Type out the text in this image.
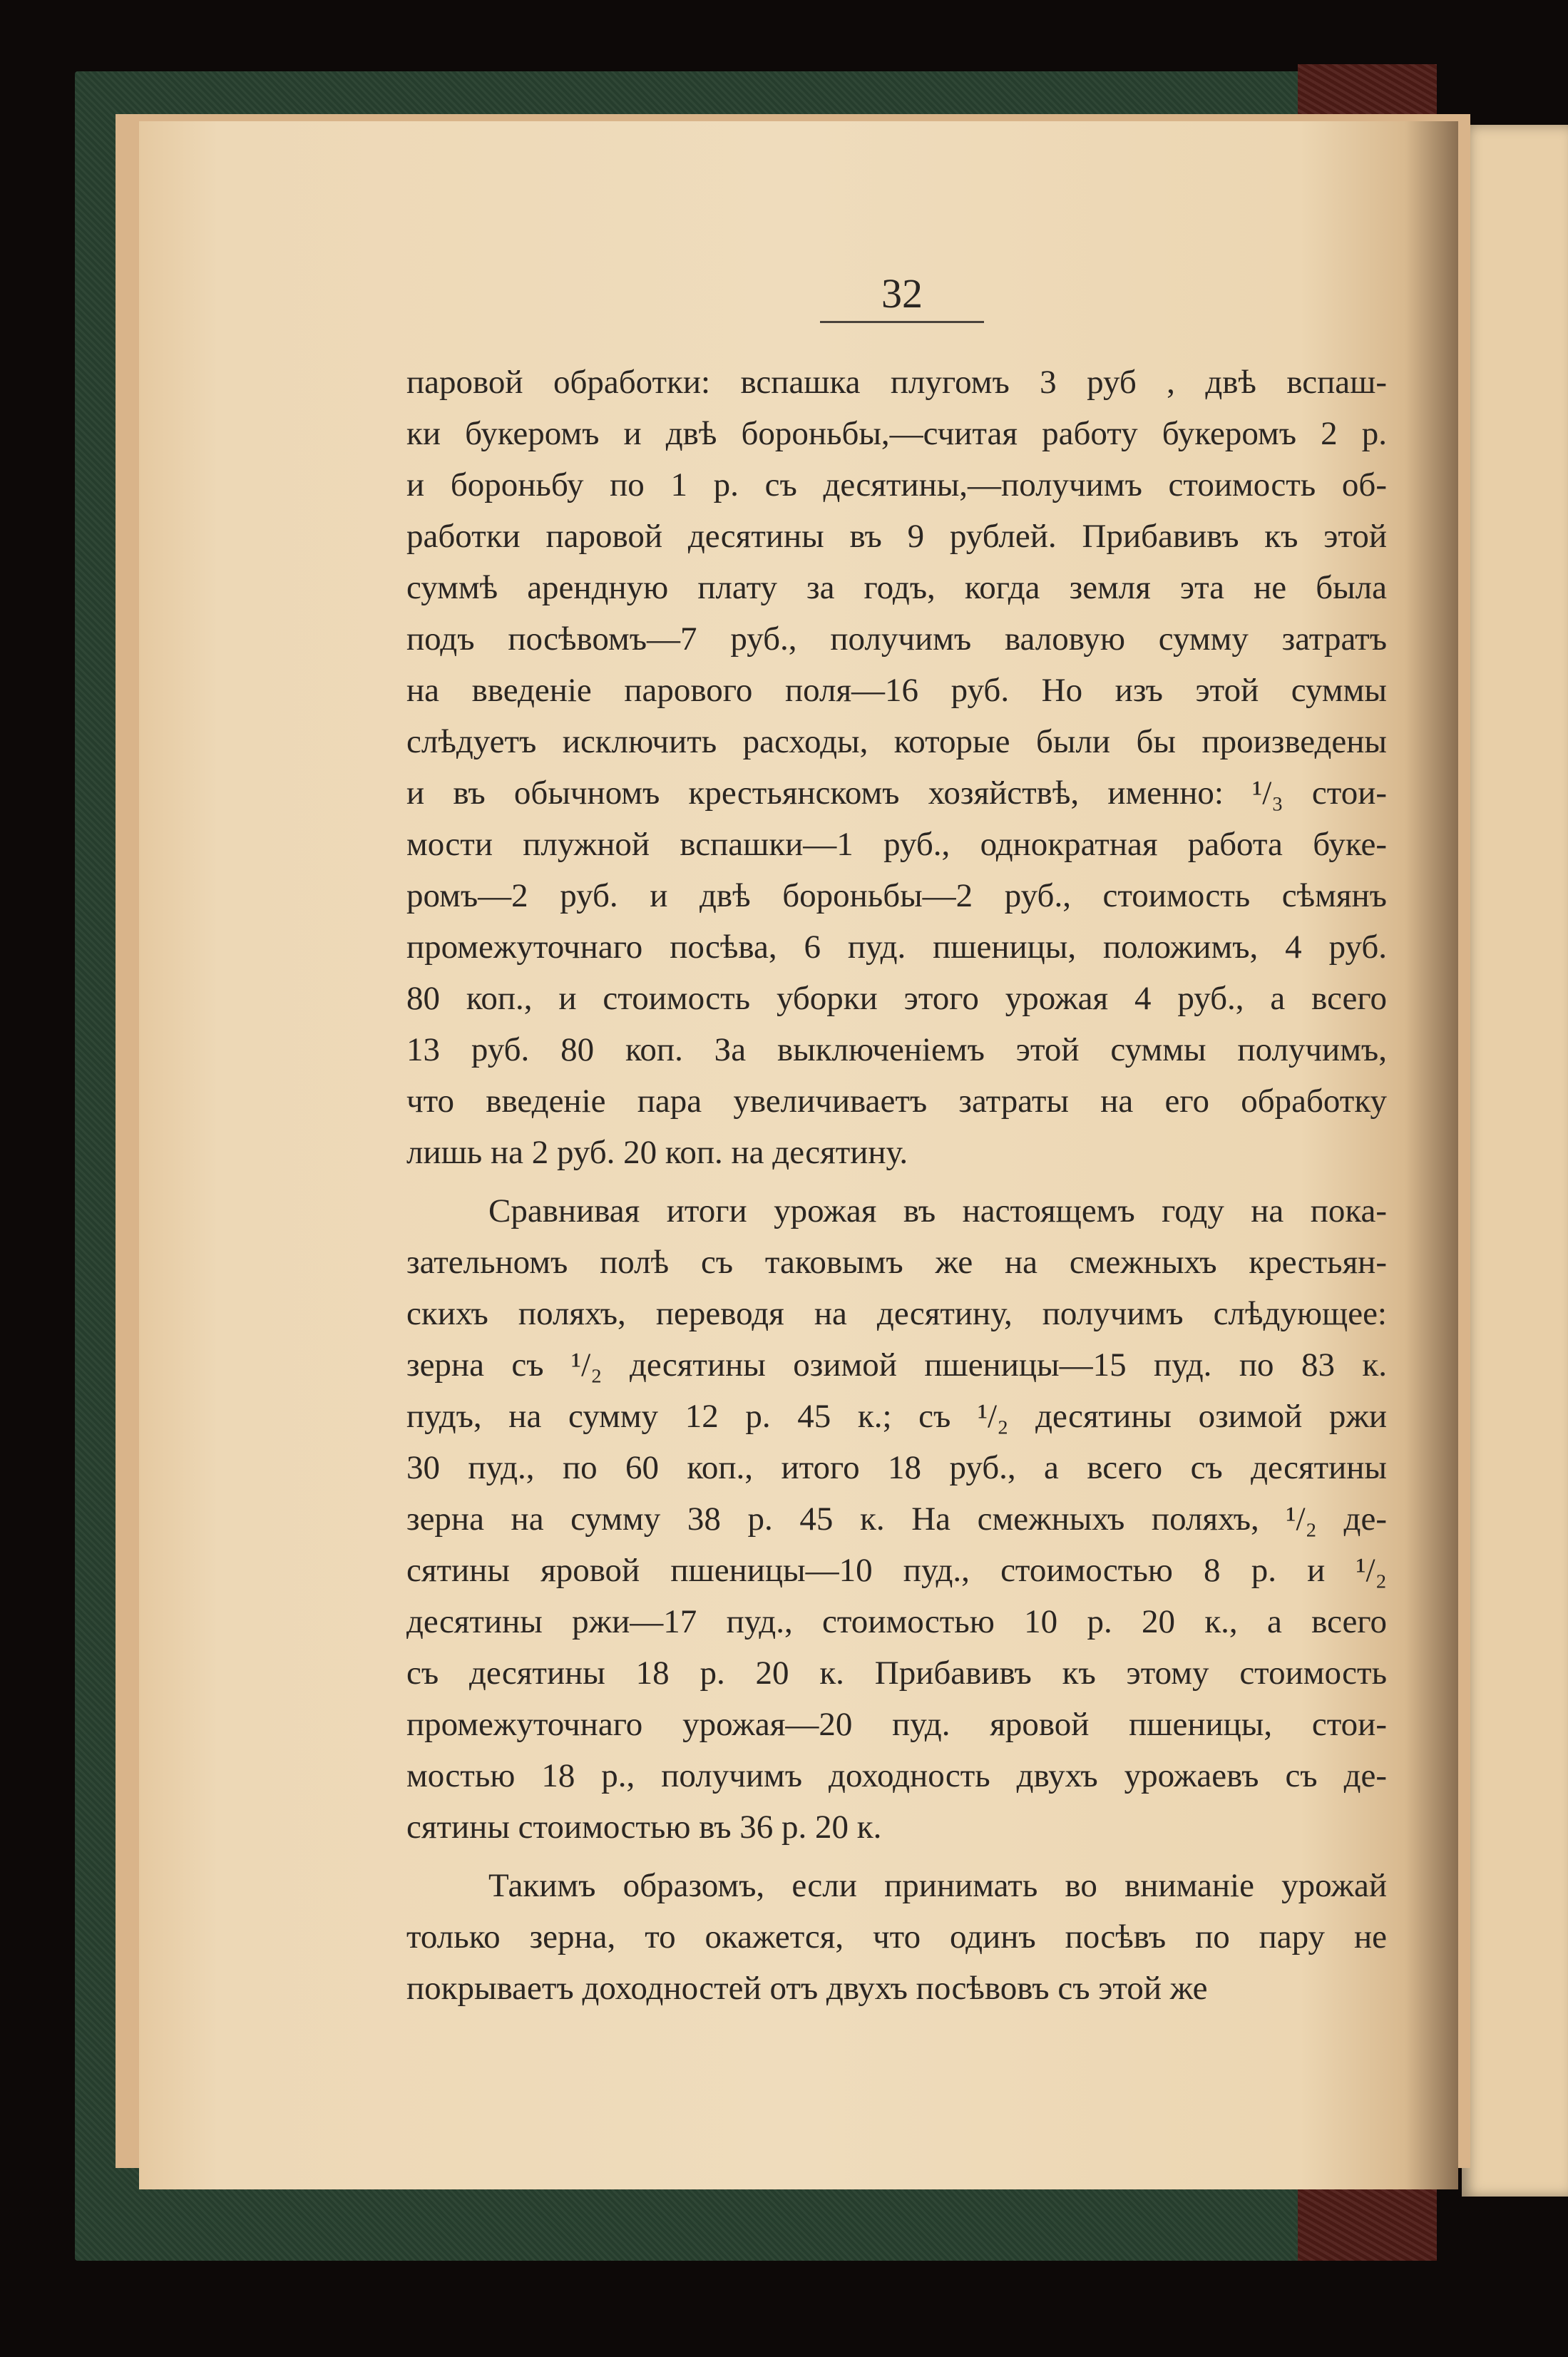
32
паровой обработки: вспашка плугомъ 3 руб , двѣ вспаш-
ки букеромъ и двѣ бороньбы,—считая работу букеромъ 2 р.
и бороньбу по 1 р. съ десятины,—получимъ стоимость об-
работки паровой десятины въ 9 рублей. Прибавивъ къ этой
суммѣ арендную плату за годъ, когда земля эта не была
подъ посѣвомъ—7 руб., получимъ валовую сумму затратъ
на введеніе парового поля—16 руб. Но изъ этой суммы
слѣдуетъ исключить расходы, которые были бы произведены
и въ обычномъ крестьянскомъ хозяйствѣ, именно: ¹/₃ стои-
мости плужной вспашки—1 руб., однократная работа буке-
ромъ—2 руб. и двѣ бороньбы—2 руб., стоимость сѣмянъ
промежуточнаго посѣва, 6 пуд. пшеницы, положимъ, 4 руб.
80 коп., и стоимость уборки этого урожая 4 руб., а всего
13 руб. 80 коп. За выключеніемъ этой суммы получимъ,
что введеніе пара увеличиваетъ затраты на его обработку
лишь на 2 руб. 20 коп. на десятину.
Сравнивая итоги урожая въ настоящемъ году на пока-
зательномъ полѣ съ таковымъ же на смежныхъ крестьян-
скихъ поляхъ, переводя на десятину, получимъ слѣдующее:
зерна съ ¹/₂ десятины озимой пшеницы—15 пуд. по 83 к.
пудъ, на сумму 12 р. 45 к.; съ ¹/₂ десятины озимой ржи
30 пуд., по 60 коп., итого 18 руб., а всего съ десятины
зерна на сумму 38 р. 45 к. На смежныхъ поляхъ, ¹/₂ де-
сятины яровой пшеницы—10 пуд., стоимостью 8 р. и ¹/₂
десятины ржи—17 пуд., стоимостью 10 р. 20 к., а всего
съ десятины 18 р. 20 к. Прибавивъ къ этому стоимость
промежуточнаго урожая—20 пуд. яровой пшеницы, стои-
мостью 18 р., получимъ доходность двухъ урожаевъ съ де-
сятины стоимостью въ 36 р. 20 к.
Такимъ образомъ, если принимать во вниманіе урожай
только зерна, то окажется, что одинъ посѣвъ по пару не
покрываетъ доходностей отъ двухъ посѣвовъ съ этой же
